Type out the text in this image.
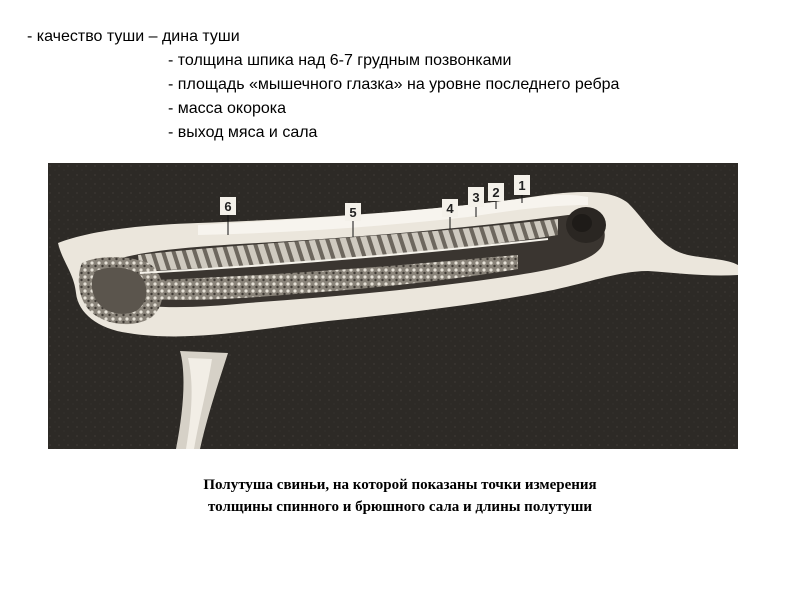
- качество туши – дина туши
- толщина шпика над 6-7 грудным позвонками
- площадь «мышечного глазка» на уровне последнего ребра
- масса окорока
- выход мяса и сала
6	5	4
3 2 1
Полутуша свиньи, на которой показаны точки измерения
толщины спинного и брюшного сала и длины полутуши
